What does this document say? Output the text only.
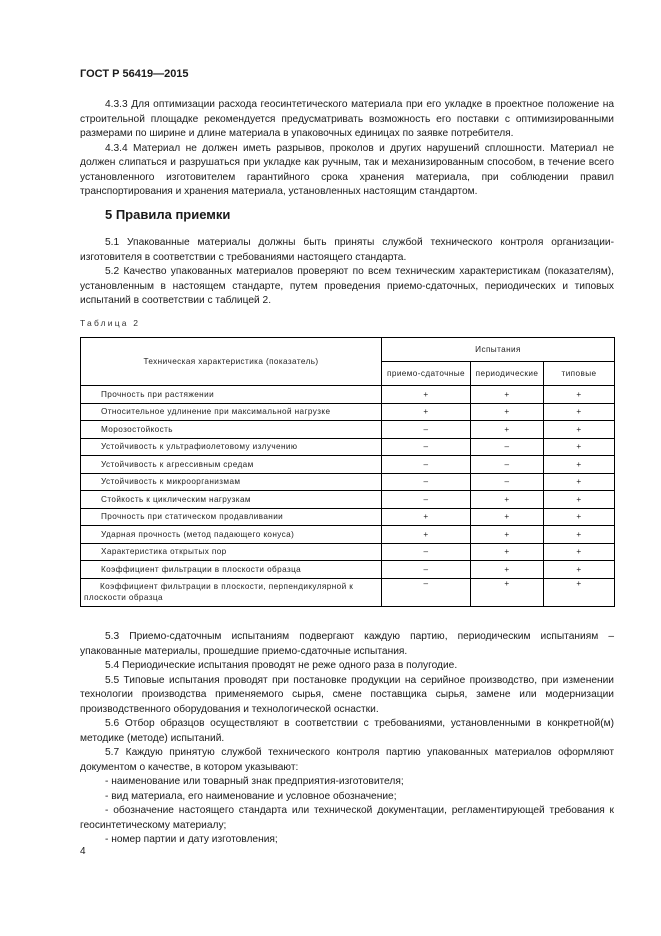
ГОСТ Р 56419—2015

4.3.3 Для оптимизации расхода геосинтетического материала при его укладке в проектное положение на строительной площадке рекомендуется предусматривать возможность его поставки с оптимизированными размерами по ширине и длине материала в упаковочных единицах по заявке потребителя.

4.3.4 Материал не должен иметь разрывов, проколов и других нарушений сплошности. Материал не должен слипаться и разрушаться при укладке как ручным, так и механизированным способом, в течение всего установленного изготовителем гарантийного срока хранения материала, при соблюдении правил транспортирования и хранения материала, установленных настоящим стандартом.

5 Правила приемки

5.1 Упакованные материалы должны быть приняты службой технического контроля организации-изготовителя в соответствии с требованиями настоящего стандарта.

5.2 Качество упакованных материалов проверяют по всем техническим характеристикам (показателям), установленным в настоящем стандарте, путем проведения приемо-сдаточных, периодических и типовых испытаний в соответствии с таблицей 2.

Таблица 2
Техническая характеристика (показатель)	Испытания		
	приемо-сдаточные	периодические	типовые
Прочность при растяжении	+	+	+
Относительное удлинение при максимальной нагрузке	+	+	+
Морозостойкость	–	+	+
Устойчивость к ультрафиолетовому излучению	–	–	+
Устойчивость к агрессивным средам	–	–	+
Устойчивость к микроорганизмам	–	–	+
Стойкость к циклическим нагрузкам	–	+	+
Прочность при статическом продавливании	+	+	+
Ударная прочность (метод падающего конуса)	+	+	+
Характеристика открытых пор	–	+	+
Коэффициент фильтрации в плоскости образца	–	+	+
Коэффициент фильтрации в плоскости, перпендикулярной к плоскости образца	–	+	+

5.3 Приемо-сдаточным испытаниям подвергают каждую партию, периодическим испытаниям – упакованные материалы, прошедшие приемо-сдаточные испытания.

5.4 Периодические испытания проводят не реже одного раза в полугодие.

5.5 Типовые испытания проводят при постановке продукции на серийное производство, при изменении технологии производства применяемого сырья, смене поставщика сырья, замене или модернизации производственного оборудования и технологической оснастки.

5.6 Отбор образцов осуществляют в соответствии с требованиями, установленными в конкретной(м) методике (методе) испытаний.

5.7 Каждую принятую службой технического контроля партию упакованных материалов оформляют документом о качестве, в котором указывают:

- наименование или товарный знак предприятия-изготовителя;

- вид материала, его наименование и условное обозначение;

- обозначение настоящего стандарта или технической документации, регламентирующей требования к геосинтетическому материалу;

- номер партии и дату изготовления;

4
